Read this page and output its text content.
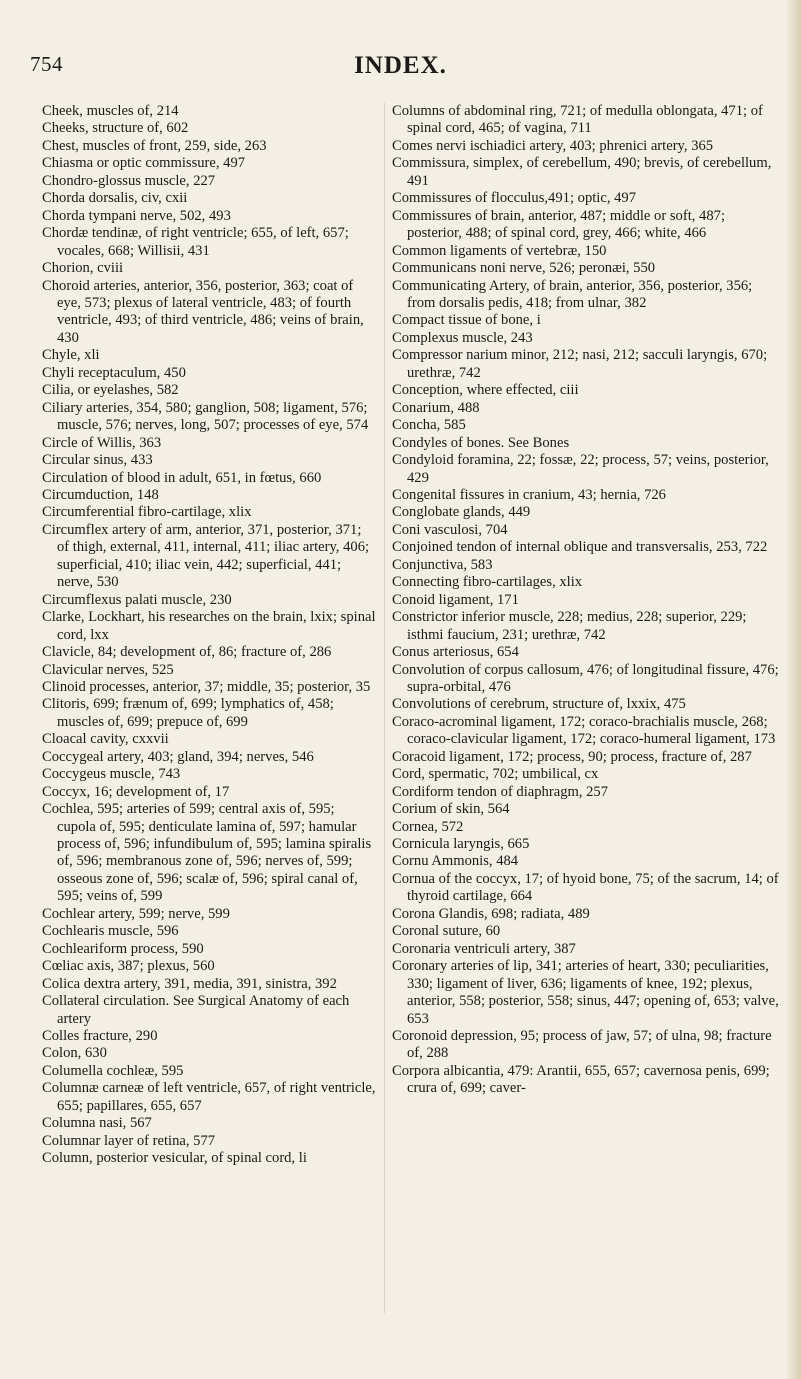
754	INDEX.
Cheek, muscles of, 214
Cheeks, structure of, 602
Chest, muscles of front, 259, side, 263
Chiasma or optic commissure, 497
Chondro-glossus muscle, 227
Chorda dorsalis, civ, cxii
Chorda tympani nerve, 502, 493
Chordæ tendinæ, of right ventricle; 655, of left, 657; vocales, 668; Willisii, 431
Chorion, cviii
Choroid arteries, anterior, 356, posterior, 363; coat of eye, 573; plexus of lateral ventricle, 483; of fourth ventricle, 493; of third ventricle, 486; veins of brain, 430
Chyle, xli
Chyli receptaculum, 450
Cilia, or eyelashes, 582
Ciliary arteries, 354, 580; ganglion, 508; ligament, 576; muscle, 576; nerves, long, 507; processes of eye, 574
Circle of Willis, 363
Circular sinus, 433
Circulation of blood in adult, 651, in fœtus, 660
Circumduction, 148
Circumferential fibro-cartilage, xlix
Circumflex artery of arm, anterior, 371, posterior, 371; of thigh, external, 411, internal, 411; iliac artery, 406; superficial, 410; iliac vein, 442; superficial, 441; nerve, 530
Circumflexus palati muscle, 230
Clarke, Lockhart, his researches on the brain, lxix; spinal cord, lxx
Clavicle, 84; development of, 86; fracture of, 286
Clavicular nerves, 525
Clinoid processes, anterior, 37; middle, 35; posterior, 35
Clitoris, 699; frænum of, 699; lymphatics of, 458; muscles of, 699; prepuce of, 699
Cloacal cavity, cxxvii
Coccygeal artery, 403; gland, 394; nerves, 546
Coccygeus muscle, 743
Coccyx, 16; development of, 17
Cochlea, 595; arteries of 599; central axis of, 595; cupola of, 595; denticulate lamina of, 597; hamular process of, 596; infundibulum of, 595; lamina spiralis of, 596; membranous zone of, 596; nerves of, 599; osseous zone of, 596; scalæ of, 596; spiral canal of, 595; veins of, 599
Cochlear artery, 599; nerve, 599
Cochlearis muscle, 596
Cochleariform process, 590
Cœliac axis, 387; plexus, 560
Colica dextra artery, 391, media, 391, sinistra, 392
Collateral circulation. See Surgical Anatomy of each artery
Colles fracture, 290
Colon, 630
Columella cochleæ, 595
Columnæ carneæ of left ventricle, 657, of right ventricle, 655; papillares, 655, 657
Columna nasi, 567
Columnar layer of retina, 577
Column, posterior vesicular, of spinal cord, li
Columns of abdominal ring, 721; of medulla oblongata, 471; of spinal cord, 465; of vagina, 711
Comes nervi ischiadici artery, 403; phrenici artery, 365
Commissura, simplex, of cerebellum, 490; brevis, of cerebellum, 491
Commissures of flocculus,491; optic, 497
Commissures of brain, anterior, 487; middle or soft, 487; posterior, 488; of spinal cord, grey, 466; white, 466
Common ligaments of vertebræ, 150
Communicans noni nerve, 526; peronæi, 550
Communicating Artery, of brain, anterior, 356, posterior, 356; from dorsalis pedis, 418; from ulnar, 382
Compact tissue of bone, i
Complexus muscle, 243
Compressor narium minor, 212; nasi, 212; sacculi laryngis, 670; urethræ, 742
Conception, where effected, ciii
Conarium, 488
Concha, 585
Condyles of bones. See Bones
Condyloid foramina, 22; fossæ, 22; process, 57; veins, posterior, 429
Congenital fissures in cranium, 43; hernia, 726
Conglobate glands, 449
Coni vasculosi, 704
Conjoined tendon of internal oblique and transversalis, 253, 722
Conjunctiva, 583
Connecting fibro-cartilages, xlix
Conoid ligament, 171
Constrictor inferior muscle, 228; medius, 228; superior, 229; isthmi faucium, 231; urethræ, 742
Conus arteriosus, 654
Convolution of corpus callosum, 476; of longitudinal fissure, 476; supra-orbital, 476
Convolutions of cerebrum, structure of, lxxix, 475
Coraco-acrominal ligament, 172; coraco-brachialis muscle, 268; coraco-clavicular ligament, 172; coraco-humeral ligament, 173
Coracoid ligament, 172; process, 90; process, fracture of, 287
Cord, spermatic, 702; umbilical, cx
Cordiform tendon of diaphragm, 257
Corium of skin, 564
Cornea, 572
Cornicula laryngis, 665
Cornu Ammonis, 484
Cornua of the coccyx, 17; of hyoid bone, 75; of the sacrum, 14; of thyroid cartilage, 664
Corona Glandis, 698; radiata, 489
Coronal suture, 60
Coronaria ventriculi artery, 387
Coronary arteries of lip, 341; arteries of heart, 330; peculiarities, 330; ligament of liver, 636; ligaments of knee, 192; plexus, anterior, 558; posterior, 558; sinus, 447; opening of, 653; valve, 653
Coronoid depression, 95; process of jaw, 57; of ulna, 98; fracture of, 288
Corpora albicantia, 479: Arantii, 655, 657; cavernosa penis, 699; crura of, 699; caver-
